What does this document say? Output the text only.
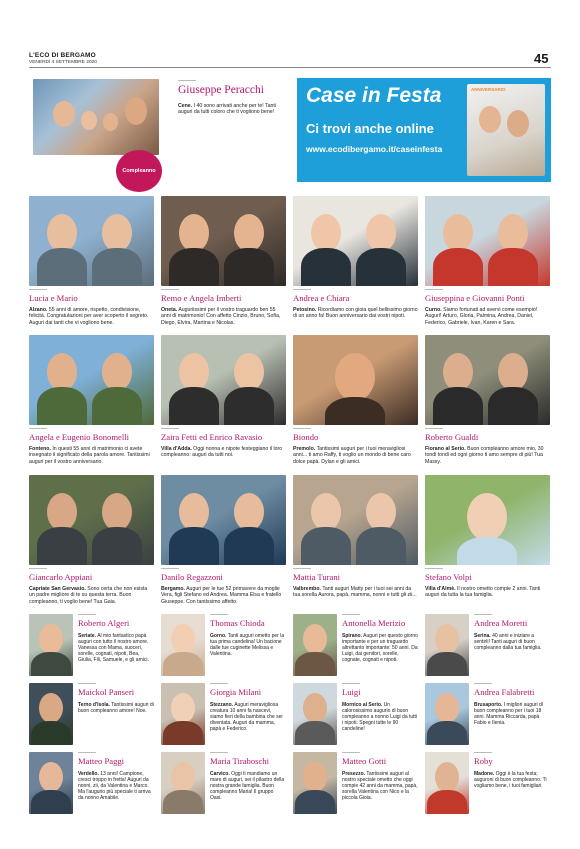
L'ECO DI BERGAMO
VENERDÌ 4 SETTEMBRE 2020	45
Compleanno
Giuseppe Peracchi
Cene. I 40 sono arrivati anche per te! Tanti auguri da tutti coloro che ti vogliono bene!
Case in Festa
Ci trovi anche online
www.ecodibergamo.it/caseinfesta
ANNIVERSARIO
Lucia e Mario
Alzano. 55 anni di amore, rispetto, condivisione, felicità. Congratulazioni per aver scoperto il segreto. Auguri dai tanti che vi vogliono bene.
Remo e Angela Imberti
Oneta. Auguriissimi per il vostro traguardo ben 55 anni di matrimonio! Con affetto Cinzio, Bruno, Sofia, Diego, Elvira, Martina e Nicolas.
Andrea e Chiara
Petosino. Ricordiamo con gioia quel bellissimo giorno di un anno fa! Buon anniversario dai vostri nipoti.
Giuseppina e Giovanni Ponti
Curno. Siamo fortunati ad avervi come esempio! Auguri! Arturo, Gloria, Palmina, Andrea, Daniel, Federico, Gabriele, Ivan, Karen e Sara.
Angela e Eugenio Bonomelli
Fonteno. In questi 55 anni di matrimonio ci avete insegnato il significato della parola amore. Tantissimi auguri per il vostro anniversario.
Zaira Fetti ed Enrico Ravasio
Villa d'Adda. Oggi nonna e nipote festeggiano il loro compleanno: auguri da tutti noi.
Biondo
Premolo. Tantissimi auguri per i tuoi meravigliosi anni... ti amo Raffy, ti voglio un mondo di bene caro dolce papà. Dylan e gli amici.
Roberto Gualdi
Fiorano al Serio. Buon compleanno amore mio, 30 tondi tondi ed ogni giorno ti amo sempre di più! Tua Massy.
Giancarlo Appiani
Capriate San Gervasio. Sono certa che non esista un padre migliore di te su questa terra. Buon compleanno, ti voglio bene! Tua Gaia.
Danilo Regazzoni
Bergamo. Auguri per le tue 52 primavere da moglie Vera, figli Stefano ed Andrea. Mamma Elsa e fratello Giuseppe. Con tantissimo affetto.
Mattia Turani
Valbrembo. Tanti auguri Matty per i tuoi sei anni da tua sorella Aurora, papà, mamma, nonni e tutti gli zii...
Stefano Volpi
Villa d'Almè. Il nostro ometto compie 2 anni. Tanti auguri da tutta la tua famiglia.
Roberto Algeri
Seriate. Al mio fantastico papà auguri con tutto il nostro amore. Vanessa con Mama, suoceri, sorelle, cognati, nipoti, Bea, Giulia, Fili, Samuele, e gli amici.
Thomas Chioda
Gorno. Tanti auguri ometto per la tua prima candelina! Un bacione dalle tue cuginette Melissa e Valentina.
Antonella Merizio
Spirano. Auguri per questo giorno importante e per un traguardo altrettanto importante: 50 anni. Da Luigi, dai genitori, sorelle, cognate, cognati e nipoti.
Andrea Moretti
Serina. 40 anni e iniziare a sentirli! Tanti auguri di buon compleanno dalla tua famiglia.
Maickol Panseri
Terno d'Isola. Tantissimi auguri di buon compleanno amore! Noe.
Giorgia Milani
Stezzano. Auguri meravigliosa creatura 10 anni fa nascevi, siamo fieri della bambina che sei diventata. Auguri da mamma, papà e Federico.
Luigi
Mornico al Serio. Un calorosissimo augurio di buon compleanno a nonno Luigi da tutti i nipoti. Spegni tutte le 90 candeline!
Andrea Falabretti
Brusaporto. I migliori auguri di buon compleanno per i tuoi 18 anni. Mamma Riccarda, papà Fabio e Ilenia.
Matteo Paggi
Verdello. 13 anni! Campione, cresci troppo in fretta! Auguri da nonni, zii, da Valentina e Marco. Ma l'augurio più speciale ti arriva da nonno Amabile.
Maria Tiraboschi
Carvico. Oggi ti mandiamo un mare di auguri, sei il pilastro della nostra grande famiglia. Buon compleanno Maria! Il gruppo Oasi.
Matteo Gotti
Presezzo. Tantissimi auguri al nostro speciale ometto che oggi compie 42 anni da mamma, papà, sorella Valentina con Nico e la piccola Gioia.
Roby
Madone. Oggi è la tua festa; auguroni di buon compleanno. Ti vogliamo bene, i tuoi famigliari.
